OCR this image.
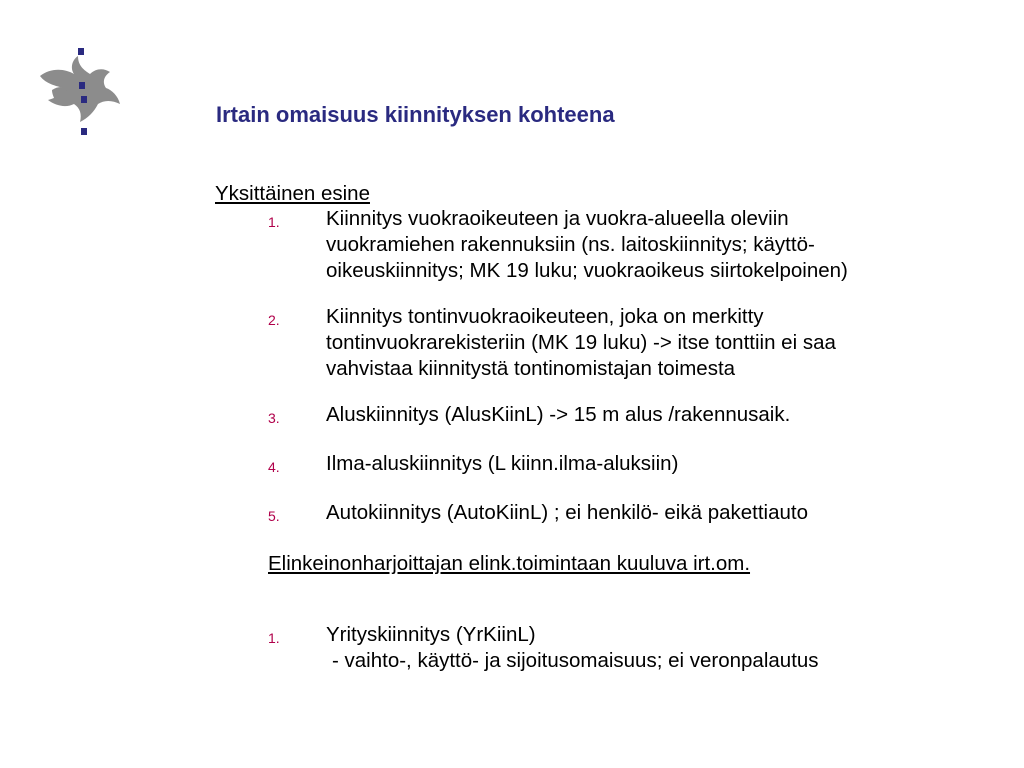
Irtain omaisuus kiinnityksen kohteena
Yksittäinen esine
1. Kiinnitys vuokraoikeuteen ja vuokra-alueella oleviin
vuokramiehen rakennuksiin (ns. laitoskiinnitys; käyttö-
oikeuskiinnitys; MK 19 luku; vuokraoikeus siirtokelpoinen)
2. Kiinnitys tontinvuokraoikeuteen, joka on merkitty
tontinvuokrarekisteriin (MK 19 luku) -> itse tonttiin ei saa
vahvistaa kiinnitystä tontinomistajan toimesta
3. Aluskiinnitys (AlusKiinL) -> 15 m alus /rakennusaik.
4. Ilma-aluskiinnitys (L kiinn.ilma-aluksiin)
5. Autokiinnitys (AutoKiinL) ; ei henkilö- eikä pakettiauto
Elinkeinonharjoittajan elink.toimintaan kuuluva irt.om.
1. Yrityskiinnitys (YrKiinL)
- vaihto-, käyttö- ja sijoitusomaisuus; ei veronpalautus
